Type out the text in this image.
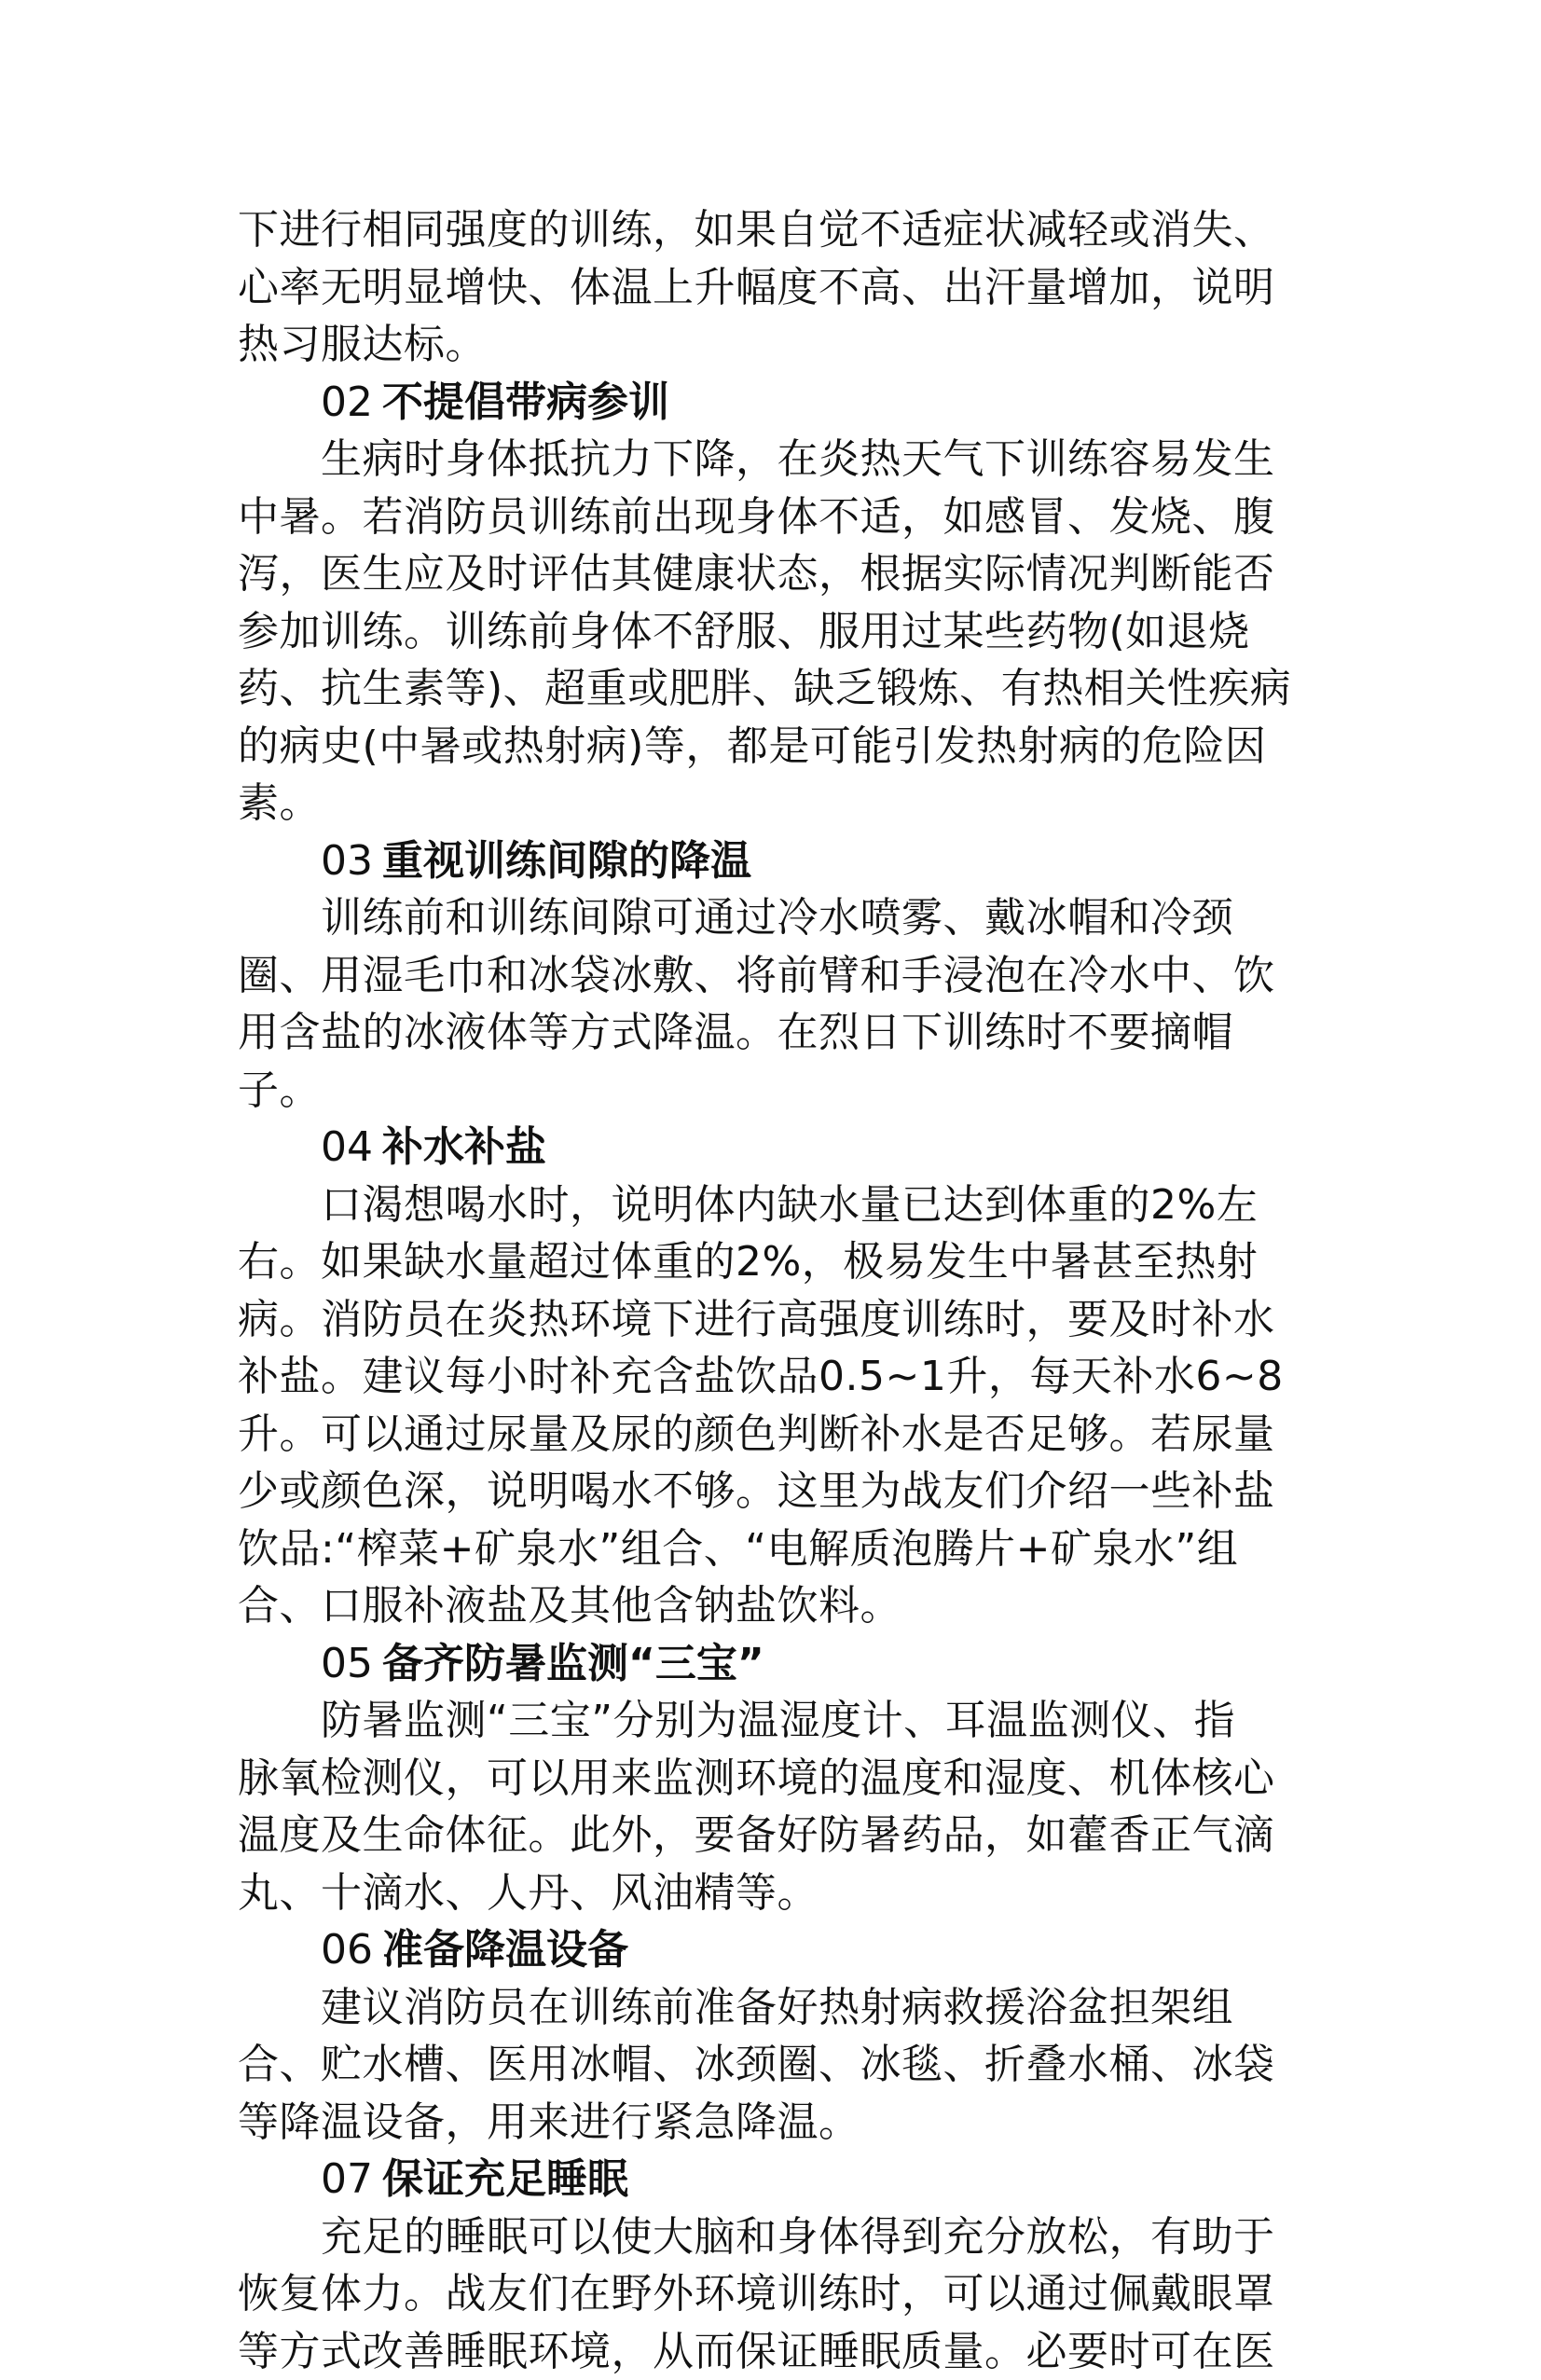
下进行相同强度的训练，如果自觉不适症状减轻或消失、
心率无明显增快、体温上升幅度不高、出汗量增加，说明
热习服达标。
02 不提倡带病参训
生病时身体抵抗力下降，在炎热天气下训练容易发生
中暑。若消防员训练前出现身体不适，如感冒、发烧、腹
泻，医生应及时评估其健康状态，根据实际情况判断能否
参加训练。训练前身体不舒服、服用过某些药物(如退烧
药、抗生素等)、超重或肥胖、缺乏锻炼、有热相关性疾病
的病史(中暑或热射病)等，都是可能引发热射病的危险因
素。
03 重视训练间隙的降温
训练前和训练间隙可通过冷水喷雾、戴冰帽和冷颈
圈、用湿毛巾和冰袋冰敷、将前臂和手浸泡在冷水中、饮
用含盐的冰液体等方式降温。在烈日下训练时不要摘帽
子。
04 补水补盐
口渴想喝水时，说明体内缺水量已达到体重的2%左
右。如果缺水量超过体重的2%，极易发生中暑甚至热射
病。消防员在炎热环境下进行高强度训练时，要及时补水
补盐。建议每小时补充含盐饮品0.5~1升，每天补水6~8
升。可以通过尿量及尿的颜色判断补水是否足够。若尿量
少或颜色深，说明喝水不够。这里为战友们介绍一些补盐
饮品:“榨菜+矿泉水”组合、“电解质泡腾片+矿泉水”组
合、口服补液盐及其他含钠盐饮料。
05 备齐防暑监测“三宝”
防暑监测“三宝”分别为温湿度计、耳温监测仪、指
脉氧检测仪，可以用来监测环境的温度和湿度、机体核心
温度及生命体征。此外，要备好防暑药品，如藿香正气滴
丸、十滴水、人丹、风油精等。
06 准备降温设备
建议消防员在训练前准备好热射病救援浴盆担架组
合、贮水槽、医用冰帽、冰颈圈、冰毯、折叠水桶、冰袋
等降温设备，用来进行紧急降温。
07 保证充足睡眠
充足的睡眠可以使大脑和身体得到充分放松，有助于
恢复体力。战友们在野外环境训练时，可以通过佩戴眼罩
等方式改善睡眠环境，从而保证睡眠质量。必要时可在医
